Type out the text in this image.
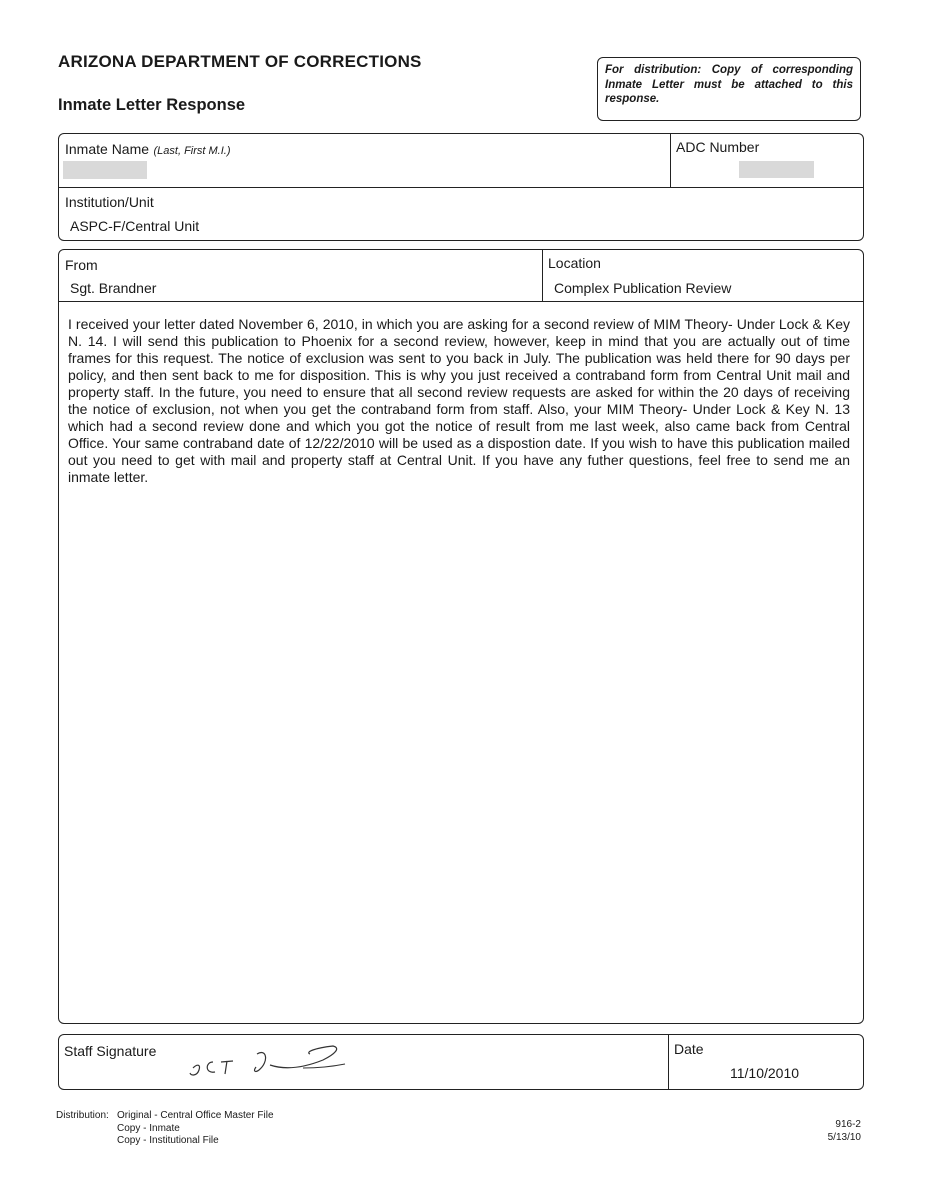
ARIZONA DEPARTMENT OF CORRECTIONS
Inmate Letter Response
For distribution: Copy of corresponding Inmate Letter must be attached to this response.
Inmate Name (Last, First M.I.)	ADC Number
Institution/Unit
ASPC-F/Central Unit
From
Sgt. Brandner
Location
Complex Publication Review
I received your letter dated November 6, 2010, in which you are asking for a second review of MIM Theory- Under Lock & Key N. 14. I will send this publication to Phoenix for a second review, however, keep in mind that you are actually out of time frames for this request. The notice of exclusion was sent to you back in July. The publication was held there for 90 days per policy, and then sent back to me for disposition. This is why you just received a contraband form from Central Unit mail and property staff. In the future, you need to ensure that all second review requests are asked for within the 20 days of receiving the notice of exclusion, not when you get the contraband form from staff. Also, your MIM Theory- Under Lock & Key N. 13 which had a second review done and which you got the notice of result from me last week, also came back from Central Office. Your same contraband date of 12/22/2010 will be used as a dispostion date. If you wish to have this publication mailed out you need to get with mail and property staff at Central Unit. If you have any futher questions, feel free to send me an inmate letter.
Staff Signature	Date
11/10/2010
Distribution: Original - Central Office Master File
Copy - Inmate
Copy - Institutional File
916-2
5/13/10
